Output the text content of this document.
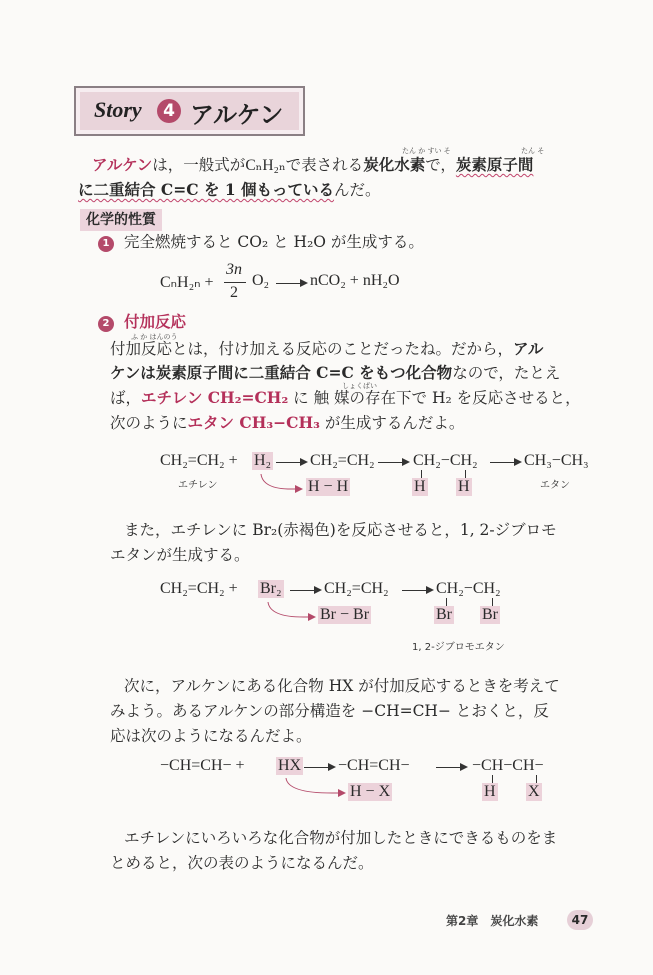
Story	4 アルケン
たん か すい そ	たん そ
アルケンは，一般式がCₙH₂ₙで表される炭化水素で，炭素原子間
に二重結合 C=C を 1 個もっているんだ。
化学的性質
1 完全燃焼すると CO₂ と H₂O が生成する。
CₙH₂ₙ +
3n
2
O₂ → nCO₂ + nH₂O
2 付加反応
ふ か はんのう
付加反応とは，付け加える反応のことだったね。だから，アル
ケンは炭素原子間に二重結合 C=C をもつ化合物なので，たとえ
しょくばい
ば，エチレン CH₂=CH₂ に 触 媒の存在下で H₂ を反応させると，
次のようにエタン CH₃−CH₃ が生成するんだよ。
CH₂=CH₂ + H₂ → CH₂=CH₂ → CH₂−CH₂ → CH₃−CH₃
エチレン	エタン
H − H	H H
また，エチレンに Br₂(赤褐色)を反応させると，1, 2-ジブロモ
エタンが生成する。
CH₂=CH₂ + Br₂ → CH₂=CH₂ → CH₂−CH₂
Br − Br	Br Br
1, 2-ジブロモエタン
次に，アルケンにある化合物 HX が付加反応するときを考えて
みよう。あるアルケンの部分構造を −CH=CH− とおくと，反
応は次のようになるんだよ。
−CH=CH− + HX → −CH=CH− → −CH−CH−
H − X	H X
エチレンにいろいろな化合物が付加したときにできるものをま
とめると，次の表のようになるんだ。
第2章　炭化水素	47
